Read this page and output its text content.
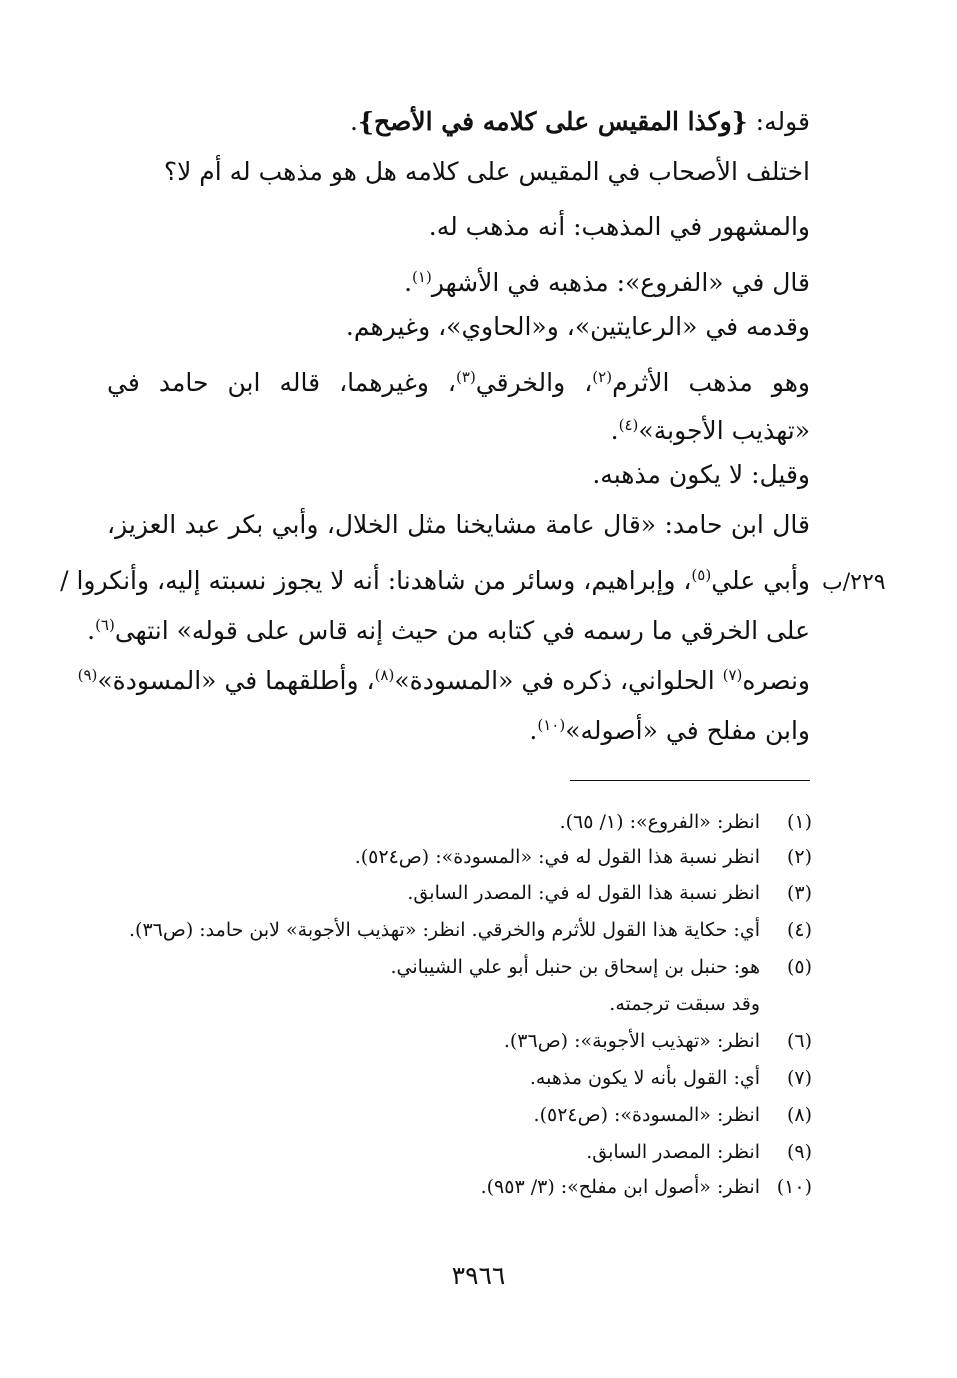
قوله: {وكذا المقيس على كلامه في الأصح}.
اختلف الأصحاب في المقيس على كلامه هل هو مذهب له أم لا؟
والمشهور في المذهب: أنه مذهب له.
قال في «الفروع»: مذهبه في الأشهر$^{(١)}$.
وقدمه في «الرعايتين»، و«الحاوي»، وغيرهم.
وهو مذهب الأثرم$^{(٢)}$، والخرقي$^{(٣)}$، وغيرهما، قاله ابن حامد في
«تهذيب الأجوبة»$^{(٤)}$.
وقيل: لا يكون مذهبه.
قال ابن حامد: «قال عامة مشايخنا مثل الخلال، وأبي بكر عبد العزيز،
وأبي علي$^{(٥)}$، وإبراهيم، وسائر من شاهدنا: أنه لا يجوز نسبته إليه، وأنكروا /
على الخرقي ما رسمه في كتابه من حيث إنه قاس على قوله» انتهى$^{(٦)}$.
ونصره$^{(٧)}$ الحلواني، ذكره في «المسودة»$^{(٨)}$، وأطلقهما في «المسودة»$^{(٩)}$
وابن مفلح في «أصوله»$^{(١٠)}$.
٢٢٩/ب
(١)انظر: «الفروع»: (١/ ٦٥).
(٢)انظر نسبة هذا القول له في: «المسودة»: (ص٥٢٤).
(٣)انظر نسبة هذا القول له في: المصدر السابق.
(٤)أي: حكاية هذا القول للأثرم والخرقي. انظر: «تهذيب الأجوبة» لابن حامد: (ص٣٦).
(٥)هو: حنبل بن إسحاق بن حنبل أبو علي الشيباني.
وقد سبقت ترجمته.
(٦)انظر: «تهذيب الأجوبة»: (ص٣٦).
(٧)أي: القول بأنه لا يكون مذهبه.
(٨)انظر: «المسودة»: (ص٥٢٤).
(٩)انظر: المصدر السابق.
(١٠)انظر: «أصول ابن مفلح»: (٣/ ٩٥٣).
٣٩٦٦
